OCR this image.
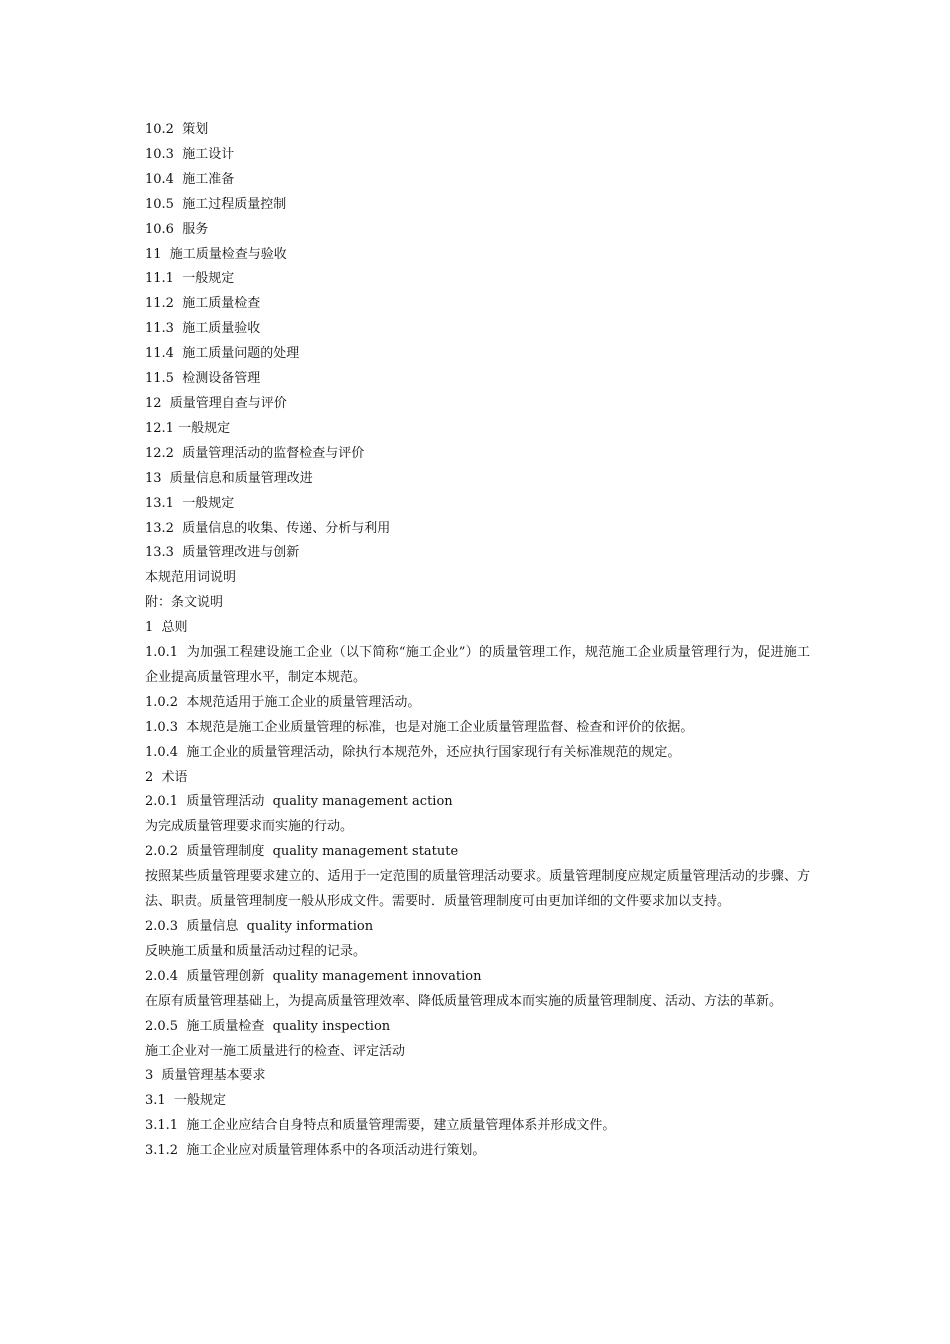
10.2  策划
10.3  施工设计
10.4  施工准备
10.5  施工过程质量控制
10.6  服务
11  施工质量检查与验收
11.1  一般规定
11.2  施工质量检查
11.3  施工质量验收
11.4  施工质量问题的处理
11.5  检测设备管理
12  质量管理自查与评价
12.1 一般规定
12.2  质量管理活动的监督检查与评价
13  质量信息和质量管理改进
13.1  一般规定
13.2  质量信息的收集、传递、分析与利用
13.3  质量管理改进与创新
本规范用词说明
附：条文说明
1  总则
1.0.1  为加强工程建设施工企业（以下简称“施工企业”）的质量管理工作，规范施工企业质量管理行为，促进施工企业提高质量管理水平，制定本规范。
1.0.2  本规范适用于施工企业的质量管理活动。
1.0.3  本规范是施工企业质量管理的标准，也是对施工企业质量管理监督、检查和评价的依据。
1.0.4  施工企业的质量管理活动，除执行本规范外，还应执行国家现行有关标准规范的规定。
2  术语
2.0.1  质量管理活动  quality management action
为完成质量管理要求而实施的行动。
2.0.2  质量管理制度  quality management statute
按照某些质量管理要求建立的、适用于一定范围的质量管理活动要求。质量管理制度应规定质量管理活动的步骤、方法、职责。质量管理制度一般从形成文件。需要时．质量管理制度可由更加详细的文件要求加以支持。
2.0.3  质量信息  quality information
反映施工质量和质量活动过程的记录。
2.0.4  质量管理创新  quality management innovation
在原有质量管理基础上，为提高质量管理效率、降低质量管理成本而实施的质量管理制度、活动、方法的革新。
2.0.5  施工质量检查  quality inspection
施工企业对一施工质量进行的检查、评定活动
3  质量管理基本要求
3.1  一般规定
3.1.1  施工企业应结合自身特点和质量管理需要，建立质量管理体系并形成文件。
3.1.2  施工企业应对质量管理体系中的各项活动进行策划。
